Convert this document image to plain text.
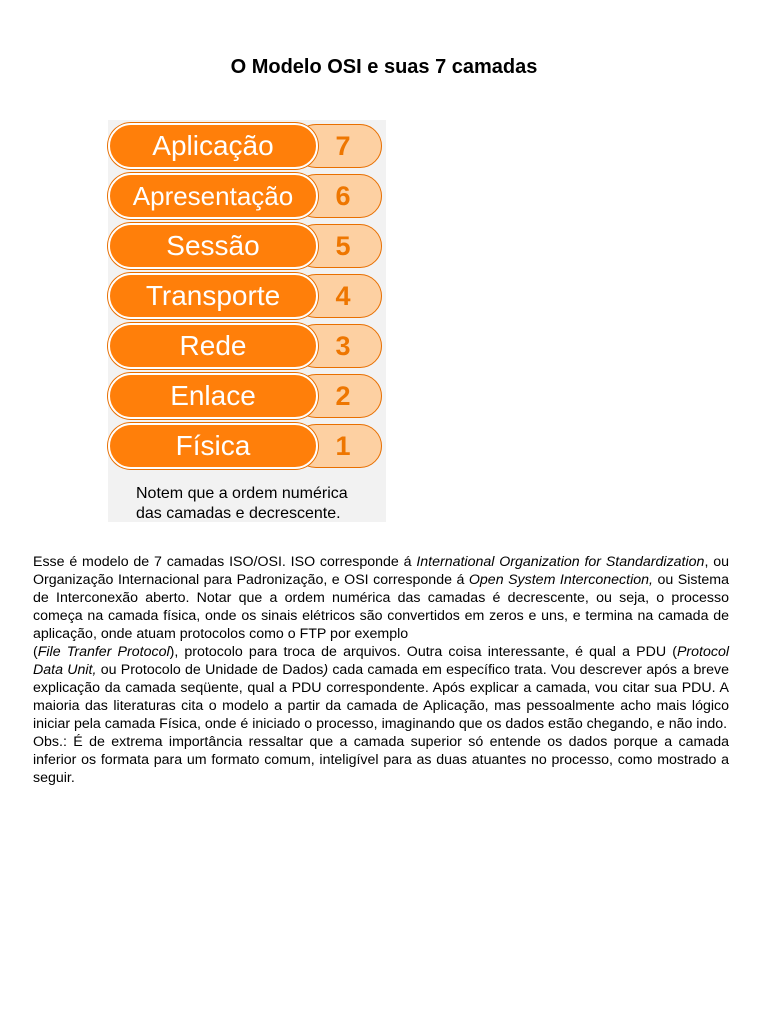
O Modelo OSI e suas 7 camadas
7
Aplicação
6
Apresentação
5
Sessão
4
Transporte
3
Rede
2
Enlace
1
Física
Notem que a ordem numérica
das camadas e decrescente.

Esse é modelo de 7 camadas ISO/OSI. ISO corresponde á International Organization for Standardization, ou Organização Internacional para Padronização, e OSI corresponde á Open System Interconection, ou Sistema de Interconexão aberto. Notar que a ordem numérica das camadas é decrescente, ou seja, o processo começa na camada física, onde os sinais elétricos são convertidos em zeros e uns, e termina na camada de aplicação, onde atuam protocolos como o FTP por exemplo

(File Tranfer Protocol), protocolo para troca de arquivos. Outra coisa interessante, é qual a PDU (Protocol Data Unit, ou Protocolo de Unidade de Dados) cada camada em específico trata. Vou descrever após a breve explicação da camada seqüente, qual a PDU correspondente. Após explicar a camada, vou citar sua PDU. A maioria das literaturas cita o modelo a partir da camada de Aplicação, mas pessoalmente acho mais lógico iniciar pela camada Física, onde é iniciado o processo, imaginando que os dados estão chegando, e não indo.

Obs.: É de extrema importância ressaltar que a camada superior só entende os dados porque a camada inferior os formata para um formato comum, inteligível para as duas atuantes no processo, como mostrado a seguir.
